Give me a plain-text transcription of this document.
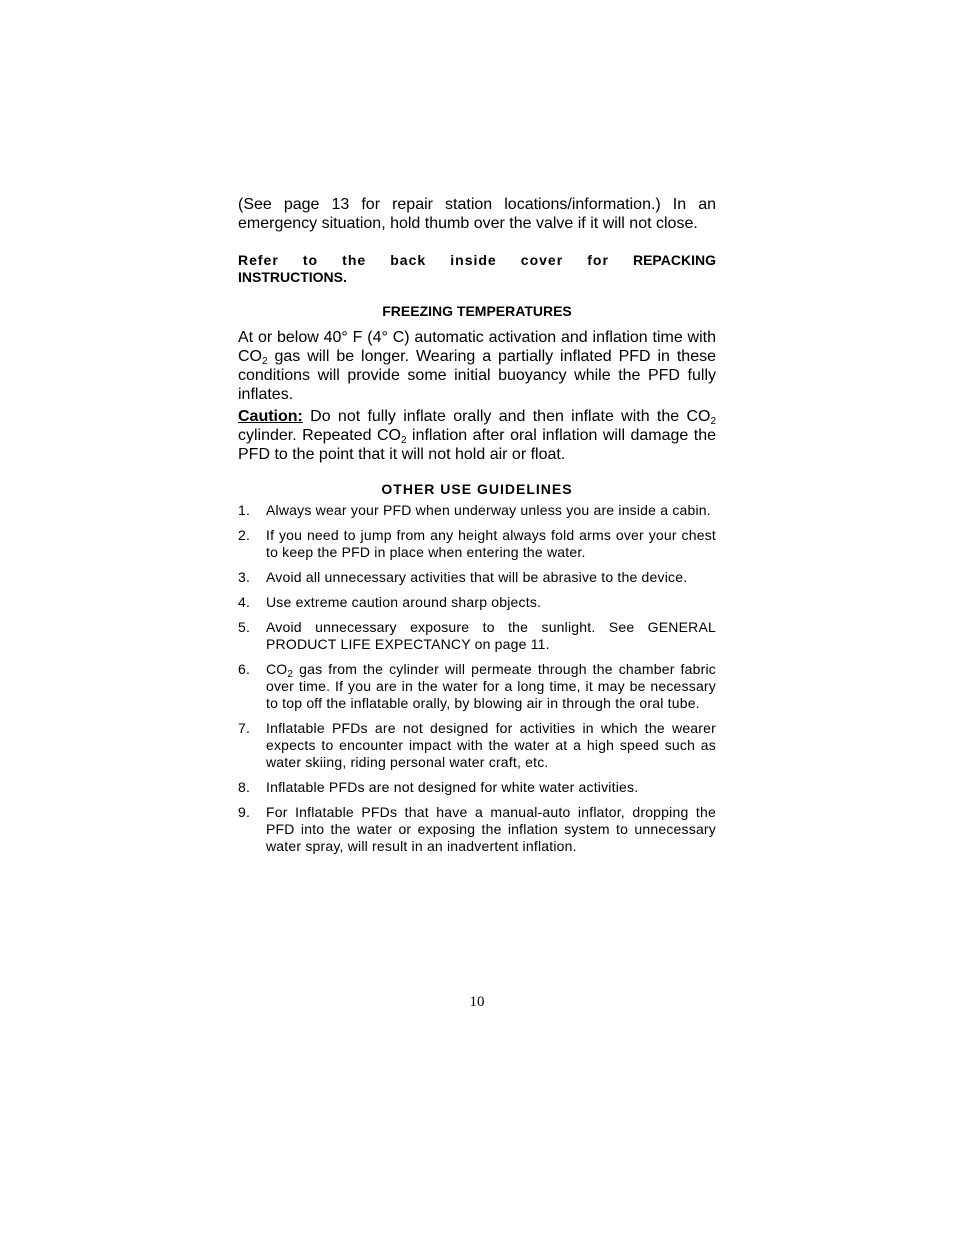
(See page 13 for repair station locations/information.) In an emergency situation, hold thumb over the valve if it will not close.

Refer to the back inside cover for REPACKING
INSTRUCTIONS.

FREEZING TEMPERATURES

At or below 40° F (4° C) automatic activation and inflation time with $CO_2$ gas will be longer. Wearing a partially inflated PFD in these conditions will provide some initial buoyancy while the PFD fully inflates.

Caution: Do not fully inflate orally and then inflate with the $CO_2$ cylinder. Repeated $CO_2$ inflation after oral inflation will damage the PFD to the point that it will not hold air or float.

OTHER USE GUIDELINES

1. Always wear your PFD when underway unless you are inside a cabin.
2. If you need to jump from any height always fold arms over your chest to keep the PFD in place when entering the water.
3. Avoid all unnecessary activities that will be abrasive to the device.
4. Use extreme caution around sharp objects.
5. Avoid unnecessary exposure to the sunlight. See GENERAL PRODUCT LIFE EXPECTANCY on page 11.
6. $CO_2$ gas from the cylinder will permeate through the chamber fabric over time. If you are in the water for a long time, it may be necessary to top off the inflatable orally, by blowing air in through the oral tube.
7. Inflatable PFDs are not designed for activities in which the wearer expects to encounter impact with the water at a high speed such as water skiing, riding personal water craft, etc.
8. Inflatable PFDs are not designed for white water activities.
9. For Inflatable PFDs that have a manual-auto inflator, dropping the PFD into the water or exposing the inflation system to unnecessary water spray, will result in an inadvertent inflation.
10
